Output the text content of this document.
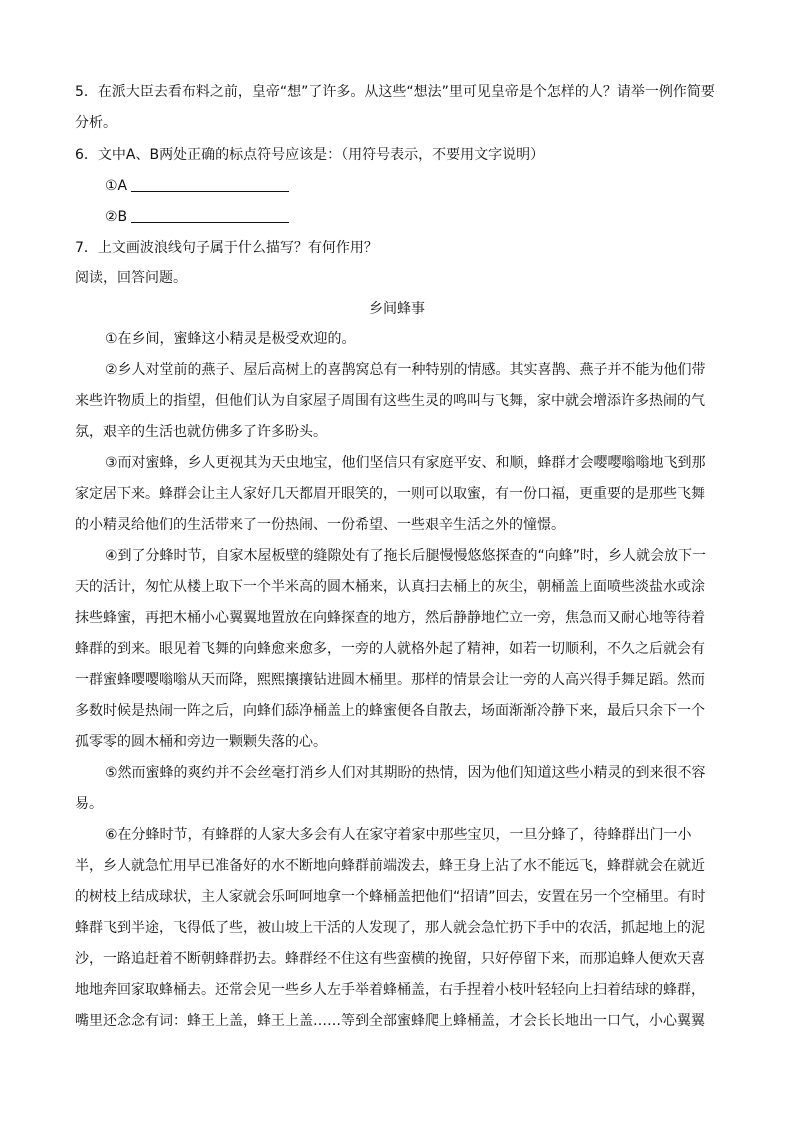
5．在派大臣去看布料之前，皇帝“想”了许多。从这些“想法”里可见皇帝是个怎样的人？请举一例作简要
分析。
6．文中A、B两处正确的标点符号应该是：（用符号表示，不要用文字说明）
①A
②B
7．上文画波浪线句子属于什么描写？有何作用？
阅读，回答问题。
乡间蜂事
①在乡间，蜜蜂这小精灵是极受欢迎的。
②乡人对堂前的燕子、屋后高树上的喜鹊窝总有一种特别的情感。其实喜鹊、燕子并不能为他们带
来些许物质上的指望，但他们认为自家屋子周围有这些生灵的鸣叫与飞舞，家中就会增添许多热闹的气
氛，艰辛的生活也就仿佛多了许多盼头。
③而对蜜蜂，乡人更视其为天虫地宝，他们坚信只有家庭平安、和顺，蜂群才会嘤嘤嗡嗡地飞到那
家定居下来。蜂群会让主人家好几天都眉开眼笑的，一则可以取蜜，有一份口福，更重要的是那些飞舞
的小精灵给他们的生活带来了一份热闹、一份希望、一些艰辛生活之外的憧憬。
④到了分蜂时节，自家木屋板壁的缝隙处有了拖长后腿慢慢悠悠探查的“向蜂”时，乡人就会放下一
天的活计，匆忙从楼上取下一个半米高的圆木桶来，认真扫去桶上的灰尘，朝桶盖上面喷些淡盐水或涂
抹些蜂蜜，再把木桶小心翼翼地置放在向蜂探查的地方，然后静静地伫立一旁，焦急而又耐心地等待着
蜂群的到来。眼见着飞舞的向蜂愈来愈多，一旁的人就格外起了精神，如若一切顺利，不久之后就会有
一群蜜蜂嘤嘤嗡嗡从天而降，熙熙攘攘钻进圆木桶里。那样的情景会让一旁的人高兴得手舞足蹈。然而
多数时候是热闹一阵之后，向蜂们舔净桶盖上的蜂蜜便各自散去，场面渐渐冷静下来，最后只余下一个
孤零零的圆木桶和旁边一颗颗失落的心。
⑤然而蜜蜂的爽约并不会丝毫打消乡人们对其期盼的热情，因为他们知道这些小精灵的到来很不容
易。
⑥在分蜂时节，有蜂群的人家大多会有人在家守着家中那些宝贝，一旦分蜂了，待蜂群出门一小
半，乡人就急忙用早已准备好的水不断地向蜂群前端泼去，蜂王身上沾了水不能远飞，蜂群就会在就近
的树枝上结成球状，主人家就会乐呵呵地拿一个蜂桶盖把他们“招请”回去，安置在另一个空桶里。有时
蜂群飞到半途，飞得低了些，被山坡上干活的人发现了，那人就会急忙扔下手中的农活，抓起地上的泥
沙，一路追赶着不断朝蜂群扔去。蜂群经不住这有些蛮横的挽留，只好停留下来，而那追蜂人便欢天喜
地地奔回家取蜂桶去。还常会见一些乡人左手举着蜂桶盖，右手捏着小枝叶轻轻向上扫着结球的蜂群，
嘴里还念念有词：蜂王上盖，蜂王上盖……等到全部蜜蜂爬上蜂桶盖，才会长长地出一口气，小心翼翼
